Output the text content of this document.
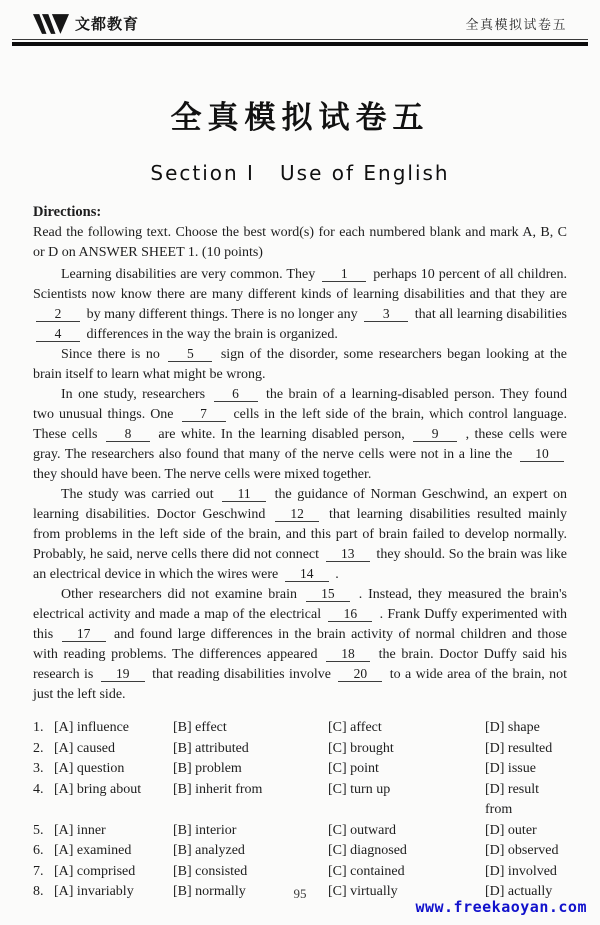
文都教育	全真模拟试卷五
全真模拟试卷五
Section Ⅰ   Use of English
Directions:

Read the following text. Choose the best word(s) for each numbered blank and mark A, B, C or D on ANSWER SHEET 1. (10 points)

Learning disabilities are very common. They 1 perhaps 10 percent of all children. Scientists now know there are many different kinds of learning disabilities and that they are 2 by many different things. There is no longer any 3 that all learning disabilities 4 differences in the way the brain is organized.

Since there is no 5 sign of the disorder, some researchers began looking at the brain itself to learn what might be wrong.

In one study, researchers 6 the brain of a learning-disabled person. They found two unusual things. One 7 cells in the left side of the brain, which control language. These cells 8 are white. In the learning disabled person, 9 , these cells were gray. The researchers also found that many of the nerve cells were not in a line the 10 they should have been. The nerve cells were mixed together.

The study was carried out 11 the guidance of Norman Geschwind, an expert on learning disabilities. Doctor Geschwind 12 that learning disabilities resulted mainly from problems in the left side of the brain, and this part of brain failed to develop normally. Probably, he said, nerve cells there did not connect 13 they should. So the brain was like an electrical device in which the wires were 14 .

Other researchers did not examine brain 15 . Instead, they measured the brain's electrical activity and made a map of the electrical 16 . Frank Duffy experimented with this 17 and found large differences in the brain activity of normal children and those with reading problems. The differences appeared 18 the brain. Doctor Duffy said his research is 19 that reading disabilities involve 20 to a wide area of the brain, not just the left side.

1. [A] influence	[B] effect	[C] affect	[D] shape
2. [A] caused	[B] attributed	[C] brought	[D] resulted
3. [A] question	[B] problem	[C] point	[D] issue
4. [A] bring about	[B] inherit from	[C] turn up	[D] result from
5. [A] inner	[B] interior	[C] outward	[D] outer
6. [A] examined	[B] analyzed	[C] diagnosed	[D] observed
7. [A] comprised	[B] consisted	[C] contained	[D] involved
8. [A] invariably	[B] normally	[C] virtually	[D] actually
95
www.freekaoyan.com
